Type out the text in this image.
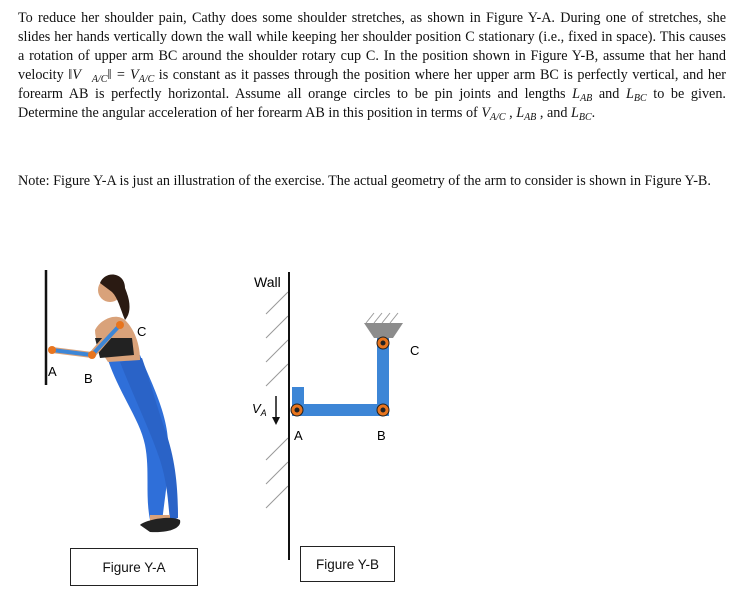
To reduce her shoulder pain, Cathy does some shoulder stretches, as shown in Figure Y-A. During one of stretches, she slides her hands vertically down the wall while keeping her shoulder position C stationary (i.e., fixed in space). This causes a rotation of upper arm BC around the shoulder rotary cup C. In the position shown in Figure Y-B, assume that her hand velocity $‖V⃗_{A/C}‖ = V_{A/C}$ is constant as it passes through the position where her upper arm BC is perfectly vertical, and her forearm AB is perfectly horizontal. Assume all orange circles to be pin joints and lengths $L_{AB}$ and $L_{BC}$ to be given. Determine the angular acceleration of her forearm AB in this position in terms of $V_{A/C}$ , $L_{AB}$ , and $L_{BC}$.

Note: Figure Y-A is just an illustration of the exercise. The actual geometry of the arm to consider is shown in Figure Y-B.

A B
C
Wall
$V_A$
A	B
C
Figure Y-A	Figure Y-B
